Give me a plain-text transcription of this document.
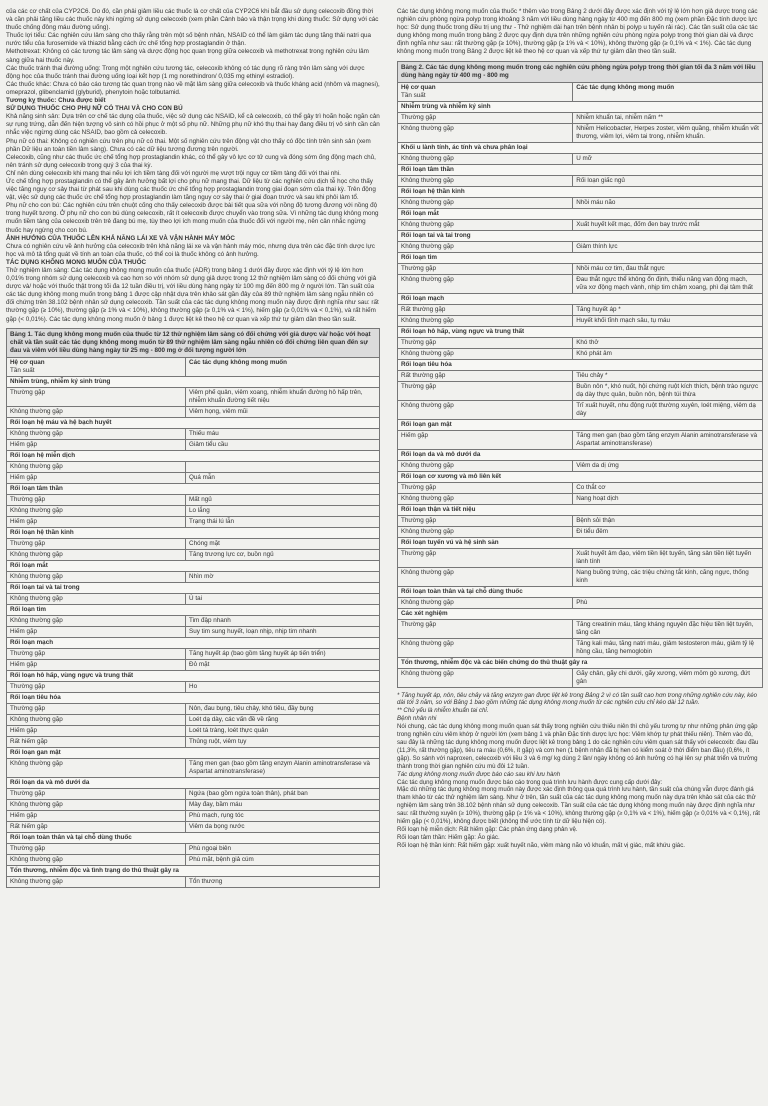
của các cơ chất của CYP2C6. Do đó, cần phải giảm liều các thuốc là cơ chất của CYP2C6 khi bắt đầu sử dụng celecoxib đồng thời và cần phải tăng liều các thuốc này khi ngừng sử dụng celecoxib (xem phần Cảnh báo và thận trọng khi dùng thuốc: Sử dụng với các thuốc chống đông máu đường uống).

Thuốc lợi tiểu: Các nghiên cứu lâm sàng cho thấy rằng trên một số bệnh nhân, NSAID có thể làm giảm tác dụng tăng thải natri qua nước tiểu của furosemide và thiazid bằng cách ức chế tổng hợp prostaglandin ở thận.

Methotrexat: Không có các tương tác lâm sàng và dược động học quan trọng giữa celecoxib và methotrexat trong nghiên cứu lâm sàng giữa hai thuốc này.

Các thuốc tránh thai đường uống: Trong một nghiên cứu tương tác, celecoxib không có tác dụng rõ ràng trên lâm sàng với dược động học của thuốc tránh thai đường uống loại kết hợp (1 mg norethindron/ 0,035 mg ethinyl estradiol).

Các thuốc khác: Chưa có báo cáo tương tác quan trọng nào về mặt lâm sàng giữa celecoxib và thuốc kháng acid (nhôm và magnesi), omeprazol, glibenclamid (glyburid), phenytoin hoặc tolbutamid.

Tương kỵ thuốc: Chưa được biết

SỬ DỤNG THUỐC CHO PHỤ NỮ CÓ THAI VÀ CHO CON BÚ

Khả năng sinh sản: Dựa trên cơ chế tác dụng của thuốc, việc sử dụng các NSAID, kể cả celecoxib, có thể gây trì hoãn hoặc ngăn cản sự rụng trứng, dẫn đến hiện tượng vô sinh có hồi phục ở một số phụ nữ. Những phụ nữ khó thụ thai hay đang điều trị vô sinh cần cân nhắc việc ngừng dùng các NSAID, bao gồm cả celecoxib.

Phụ nữ có thai: Không có nghiên cứu trên phụ nữ có thai. Một số nghiên cứu trên động vật cho thấy có độc tính trên sinh sản (xem phần Dữ liệu an toàn tiền lâm sàng). Chưa có các dữ liệu tương đương trên người.

Celecoxib, cũng như các thuốc ức chế tổng hợp prostaglandin khác, có thể gây vô lực cơ tử cung và đóng sớm ống động mạch chủ, nên tránh sử dụng celecoxib trong quý 3 của thai kỳ.

Chỉ nên dùng celecoxib khi mang thai nếu lợi ích tiềm tàng đối với người mẹ vượt trội nguy cơ tiềm tàng đối với thai nhi.

Ức chế tổng hợp prostaglandin có thể gây ảnh hưởng bất lợi cho phụ nữ mang thai. Dữ liệu từ các nghiên cứu dịch tễ học cho thấy việc tăng nguy cơ sảy thai từ phát sau khi dùng các thuốc ức chế tổng hợp prostaglandin trong giai đoạn sớm của thai kỳ. Trên động vật, việc sử dụng các thuốc ức chế tổng hợp prostaglandin làm tăng nguy cơ sảy thai ở giai đoạn trước và sau khi phôi làm tổ.

Phụ nữ cho con bú: Các nghiên cứu trên chuột cống cho thấy celecoxib được bài tiết qua sữa với nồng độ tương đương với nồng độ trong huyết tương. Ở phụ nữ cho con bú dùng celecoxib, rất ít celecoxib được chuyển vào trong sữa. Vì những tác dụng không mong muốn tiềm tàng của celecoxib trên trẻ đang bú mẹ, tùy theo lợi ích mong muốn của thuốc đối với người mẹ, nên cân nhắc ngừng thuốc hay ngừng cho con bú.

ẢNH HƯỞNG CỦA THUỐC LÊN KHẢ NĂNG LÁI XE VÀ VẬN HÀNH MÁY MÓC

Chưa có nghiên cứu về ảnh hưởng của celecoxib trên khả năng lái xe và vận hành máy móc, nhưng dựa trên các đặc tính dược lực học và mô tả tổng quát về tính an toàn của thuốc, có thể coi là thuốc không có ảnh hưởng.

TÁC DỤNG KHÔNG MONG MUỐN CỦA THUỐC

Thử nghiệm lâm sàng: Các tác dụng không mong muốn của thuốc (ADR) trong bảng 1 dưới đây được xác định với tỷ lệ lớn hơn 0,01% trong nhóm sử dụng celecoxib và cao hơn so với nhóm sử dụng giả dược trong 12 thử nghiệm lâm sàng có đối chứng với giả dược và/ hoặc với thuốc thật trong tối đa 12 tuần điều trị, với liều dùng hàng ngày từ 100 mg đến 800 mg ở người lớn. Tần suất của các tác dụng không mong muốn trong bảng 1 được cập nhật dựa trên khảo sát gần đây của 89 thử nghiệm lâm sàng ngẫu nhiên có đối chứng trên 38.102 bệnh nhân sử dụng celecoxib. Tần suất của các tác dụng không mong muốn này được định nghĩa như sau: rất thường gặp (≥ 10%), thường gặp (≥ 1% và < 10%), không thường gặp (≥ 0,1% và < 1%), hiếm gặp (≥ 0,01% và < 0,1%), và rất hiếm gặp (< 0,01%). Các tác dụng không mong muốn ở bảng 1 được liệt kê theo hệ cơ quan và xếp thứ tự giảm dần theo tần suất.

Bảng 1. Tác dụng không mong muốn của thuốc từ 12 thử nghiệm lâm sàng có đối chứng với giả dược và/ hoặc với hoạt chất và tần suất các tác dụng không mong muốn từ 89 thử nghiệm lâm sàng ngẫu nhiên có đối chứng liên quan đến sự đau và viêm với liều dùng hàng ngày từ 25 mg - 800 mg ở đối tượng người lớn	
Hệ cơ quan
Tần suất	Các tác dụng không mong muốn
Nhiễm trùng, nhiễm ký sinh trùng	
Thường gặp	Viêm phế quản, viêm xoang, nhiễm khuẩn đường hô hấp trên, nhiễm khuẩn đường tiết niệu
Không thường gặp	Viêm họng, viêm mũi
Rối loạn hệ máu và hệ bạch huyết	
Không thường gặp	Thiếu máu
Hiếm gặp	Giảm tiểu cầu
Rối loạn hệ miễn dịch	
Không thường gặp	
Hiếm gặp	Quá mẫn
Rối loạn tâm thần	
Thường gặp	Mất ngủ
Không thường gặp	Lo lắng
Hiếm gặp	Trạng thái lú lẫn
Rối loạn hệ thần kinh	
Thường gặp	Chóng mặt
Không thường gặp	Tăng trương lực cơ, buồn ngủ
Rối loạn mắt	
Không thường gặp	Nhìn mờ
Rối loạn tai và tai trong	
Không thường gặp	Ù tai
Rối loạn tim	
Không thường gặp	Tim đập nhanh
Hiếm gặp	Suy tim sung huyết, loạn nhịp, nhịp tim nhanh
Rối loạn mạch	
Thường gặp	Tăng huyết áp (bao gồm tăng huyết áp tiến triển)
Hiếm gặp	Đỏ mặt
Rối loạn hô hấp, vùng ngực và trung thất	
Thường gặp	Ho
Rối loạn tiêu hóa	
Thường gặp	Nôn, đau bụng, tiêu chảy, khó tiêu, đầy bụng
Không thường gặp	Loét dạ dày, các vấn đề về răng
Hiếm gặp	Loét tá tràng, loét thực quản
Rất hiếm gặp	Thủng ruột, viêm tụy
Rối loạn gan mật	
Không thường gặp	Tăng men gan (bao gồm tăng enzym Alanin aminotransferase và Aspartat aminotransferase)
Rối loạn da và mô dưới da	
Thường gặp	Ngứa (bao gồm ngứa toàn thân), phát ban
Không thường gặp	Mày đay, bầm máu
Hiếm gặp	Phù mạch, rụng tóc
Rất hiếm gặp	Viêm da bọng nước
Rối loạn toàn thân và tại chỗ dùng thuốc	
Thường gặp	Phù ngoại biên
Không thường gặp	Phù mặt, bệnh giả cúm
Tổn thương, nhiễm độc và tình trạng do thủ thuật gây ra	
Không thường gặp	Tổn thương

Các tác dụng không mong muốn của thuốc * thêm vào trong Bảng 2 dưới đây được xác định với tỷ lệ lớn hơn giả dược trong các nghiên cứu phòng ngừa polyp trong khoảng 3 năm với liều dùng hàng ngày từ 400 mg đến 800 mg (xem phần Đặc tính dược lực học: Sử dụng thuốc trong điều trị ung thư - Thử nghiệm dài hạn trên bệnh nhân bị polyp u tuyến rải rác). Các tần suất của các tác dụng không mong muốn trong bảng 2 được quy định dựa trên những nghiên cứu phòng ngừa polyp trong thời gian dài và được định nghĩa như sau: rất thường gặp (≥ 10%), thường gặp (≥ 1% và < 10%), không thường gặp (≥ 0,1% và < 1%). Các tác dụng không mong muốn trong Bảng 2 được liệt kê theo hệ cơ quan và xếp thứ tự giảm dần theo tần suất.

Bảng 2. Các tác dụng không mong muốn trong các nghiên cứu phòng ngừa polyp trong thời gian tối đa 3 năm với liều dùng hàng ngày từ 400 mg - 800 mg	
Hệ cơ quan
Tần suất	Các tác dụng không mong muốn
Nhiễm trùng và nhiễm ký sinh	
Thường gặp	Nhiễm khuẩn tai, nhiễm nấm **
Không thường gặp	Nhiễm Helicobacter, Herpes zoster, viêm quầng, nhiễm khuẩn vết thương, viêm lợi, viêm tai trong, nhiễm khuẩn.
Khối u lành tính, ác tính và chưa phân loại	
Không thường gặp	U mỡ
Rối loạn tâm thần	
Không thường gặp	Rối loạn giấc ngủ
Rối loạn hệ thần kinh	
Không thường gặp	Nhồi máu não
Rối loạn mắt	
Không thường gặp	Xuất huyết kết mạc, đốm đen bay trước mắt
Rối loạn tai và tai trong	
Không thường gặp	Giảm thính lực
Rối loạn tim	
Thường gặp	Nhồi máu cơ tim, đau thắt ngực
Không thường gặp	Đau thắt ngực thể không ổn định, thiểu năng van động mạch, vữa xơ động mạch vành, nhịp tim chậm xoang, phì đại tâm thất
Rối loạn mạch	
Rất thường gặp	Tăng huyết áp *
Không thường gặp	Huyết khối tĩnh mạch sâu, tụ máu
Rối loạn hô hấp, vùng ngực và trung thất	
Thường gặp	Khó thở
Không thường gặp	Khó phát âm
Rối loạn tiêu hóa	
Rất thường gặp	Tiêu chảy *
Thường gặp	Buồn nôn *, khó nuốt, hội chứng ruột kích thích, bệnh trào ngược dạ dày thực quản, buồn nôn, bệnh túi thừa
Không thường gặp	Trĩ xuất huyết, nhu động ruột thường xuyên, loét miệng, viêm dạ dày
Rối loạn gan mật	
Hiếm gặp	Tăng men gan (bao gồm tăng enzym Alanin aminotransferase và Aspartat aminotransferase)
Rối loạn da và mô dưới da	
Không thường gặp	Viêm da dị ứng
Rối loạn cơ xương và mô liên kết	
Thường gặp	Co thắt cơ
Không thường gặp	Nang hoạt dịch
Rối loạn thận và tiết niệu	
Thường gặp	Bệnh sỏi thận
Không thường gặp	Đi tiểu đêm
Rối loạn tuyến vú và hệ sinh sản	
Thường gặp	Xuất huyết âm đạo, viêm tiền liệt tuyến, tăng sản tiền liệt tuyến lành tính
Không thường gặp	Nang buồng trứng, các triệu chứng tắt kinh, căng ngực, thống kinh
Rối loạn toàn thân và tại chỗ dùng thuốc	
Không thường gặp	Phù
Các xét nghiệm	
Thường gặp	Tăng creatinin máu, tăng kháng nguyên đặc hiệu tiền liệt tuyến, tăng cân
Không thường gặp	Tăng kali máu, tăng natri máu, giảm testosteron máu, giảm tỷ lệ hồng cầu, tăng hemoglobin
Tổn thương, nhiễm độc và các biến chứng do thủ thuật gây ra	
Không thường gặp	Gãy chân, gãy chi dưới, gãy xương, viêm mỏm gò xương, đứt gân

* Tăng huyết áp, nôn, tiêu chảy và tăng enzym gan được liệt kê trong Bảng 2 vì có tần suất cao hơn trong những nghiên cứu này, kéo dài tới 3 năm, so với Bảng 1 bao gồm những tác dụng không mong muốn từ các nghiên cứu chỉ kéo dài 12 tuần.

** Chủ yếu là nhiễm khuẩn tai chỉ.

Bệnh nhân nhi

Nói chung, các tác dụng không mong muốn quan sát thấy trong nghiên cứu thiếu niên thì chủ yếu tương tự như những phản ứng gặp trong nghiên cứu viêm khớp ở người lớn (xem bảng 1 và phần Đặc tính dược lực học: Viêm khớp tự phát thiếu niên). Thêm vào đó, sau đây là những tác dụng không mong muốn được liệt kê trong bảng 1 do các nghiên cứu viêm quan sát thấy với celecoxib: đau đầu (11,3%, rất thường gặp), tiêu ra máu (0,6%, ít gặp) và cơn hen (1 bệnh nhân đã bị hen có kiểm soát ở thời điểm ban đầu) (0,6%, ít gặp). So sánh với naproxen, celecoxib với liều 3 và 6 mg/ kg dùng 2 lần/ ngày không có ảnh hưởng có hại lên sự phát triển và trưởng thành trong thời gian nghiên cứu mù đôi 12 tuần.

Tác dụng không mong muốn được báo cáo sau khi lưu hành

Các tác dụng không mong muốn được báo cáo trong quá trình lưu hành được cung cấp dưới đây:

Mặc dù những tác dụng không mong muốn này được xác định thông qua quá trình lưu hành, tần suất của chúng vẫn được đánh giá tham khảo từ các thử nghiệm lâm sàng. Như ở trên, tần suất của các tác dụng không mong muốn này dựa trên khảo sát của các thử nghiệm lâm sàng trên 38.102 bệnh nhân sử dụng celecoxib. Tần suất của các tác dụng không mong muốn này được định nghĩa như sau: rất thường xuyên (≥ 10%), thường gặp (≥ 1% và < 10%), không thường gặp (≥ 0,1% và < 1%), hiếm gặp (≥ 0,01% và < 0,1%), rất hiếm gặp (< 0,01%), không được biết (không thể ước tính từ dữ liệu hiện có).

Rối loạn hệ miễn dịch: Rất hiếm gặp: Các phản ứng dạng phản vệ.

Rối loạn tâm thần: Hiếm gặp: Ảo giác.

Rối loạn hệ thần kinh: Rất hiếm gặp: xuất huyết não, viêm màng não vô khuẩn, mất vị giác, mất khứu giác.
